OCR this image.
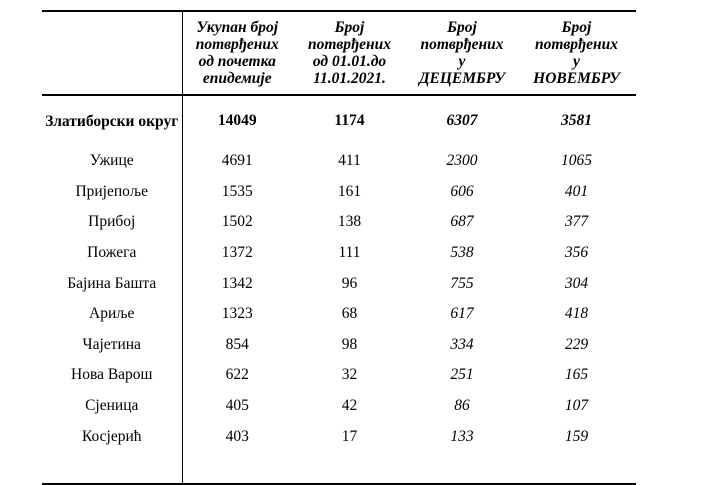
	Укупан број
потврђених
од почетка
епидемије	Број
потврђених
од 01.01.до
11.01.2021.	Број
потврђених
у
ДЕЦЕМБРУ	Број
потврђених
у
НОВЕМБРУ

Златиборски округ	14049	1174	6307	3581
Ужице	4691	411	2300	1065
Пријепоље	1535	161	606	401
Прибој	1502	138	687	377
Пожега	1372	111	538	356
Бајина Башта	1342	96	755	304
Ариље	1323	68	617	418
Чајетина	854	98	334	229
Нова Варош	622	32	251	165
Сјеница	405	42	86	107
Косјерић	403	17	133	159
